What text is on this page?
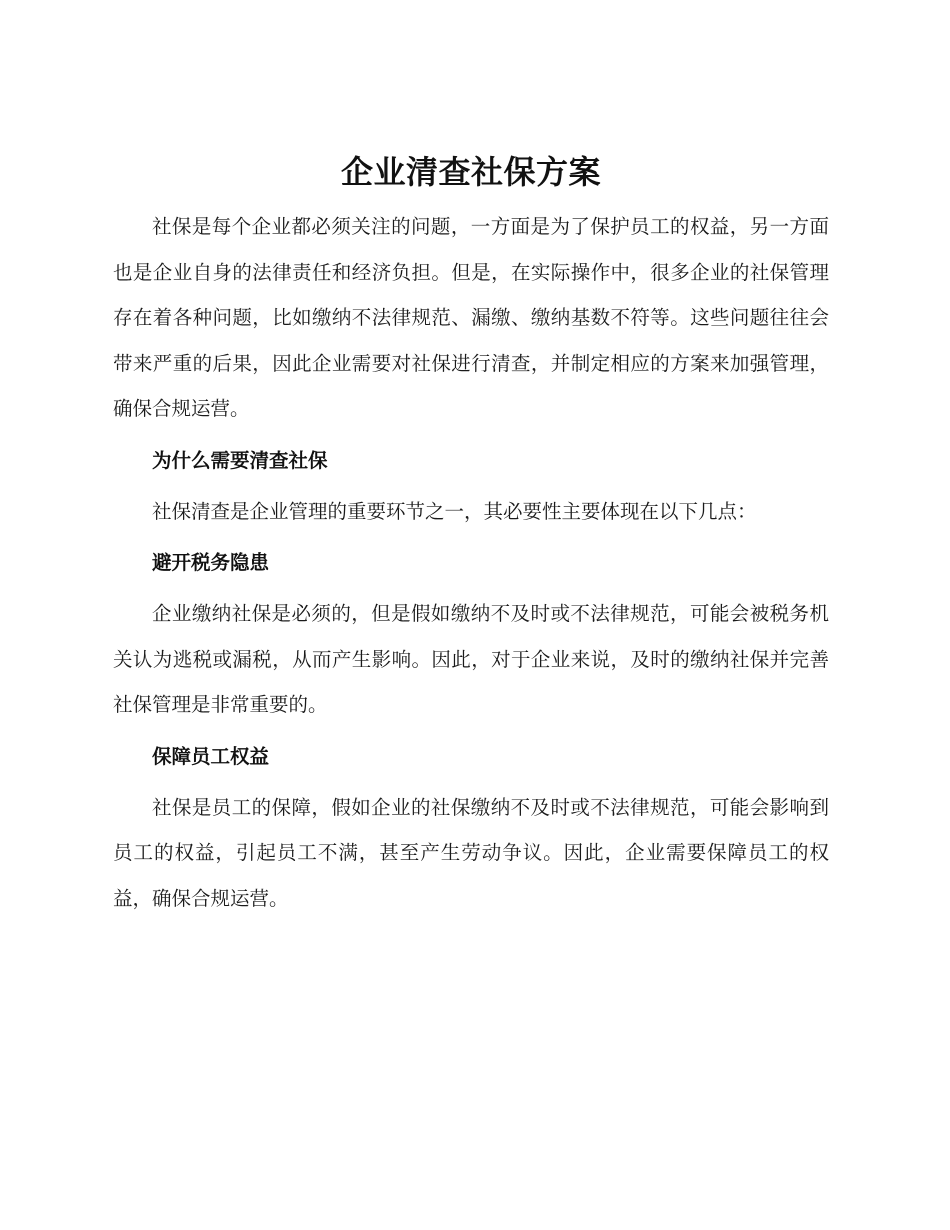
企业清查社保方案

社保是每个企业都必须关注的问题，一方面是为了保护员工的权益，另一方面也是企业自身的法律责任和经济负担。但是，在实际操作中，很多企业的社保管理存在着各种问题，比如缴纳不法律规范、漏缴、缴纳基数不符等。这些问题往往会带来严重的后果，因此企业需要对社保进行清查，并制定相应的方案来加强管理，确保合规运营。

为什么需要清查社保

社保清查是企业管理的重要环节之一，其必要性主要体现在以下几点：

避开税务隐患

企业缴纳社保是必须的，但是假如缴纳不及时或不法律规范，可能会被税务机关认为逃税或漏税，从而产生影响。因此，对于企业来说，及时的缴纳社保并完善社保管理是非常重要的。

保障员工权益

社保是员工的保障，假如企业的社保缴纳不及时或不法律规范，可能会影响到员工的权益，引起员工不满，甚至产生劳动争议。因此，企业需要保障员工的权益，确保合规运营。
